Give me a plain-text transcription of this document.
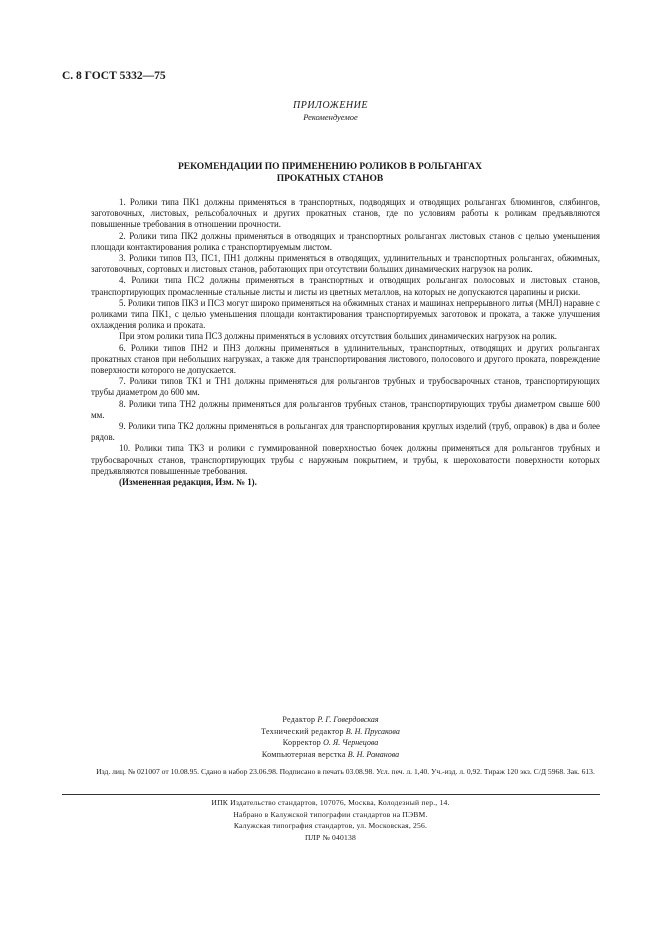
С. 8 ГОСТ 5332—75
ПРИЛОЖЕНИЕ
Рекомендуемое
РЕКОМЕНДАЦИИ ПО ПРИМЕНЕНИЮ РОЛИКОВ В РОЛЬГАНГАХ
ПРОКАТНЫХ СТАНОВ

1. Ролики типа ПК1 должны применяться в транспортных, подводящих и отводящих рольгангах блюмингов, слябингов, заготовочных, листовых, рельсобалочных и других прокатных станов, где по условиям работы к роликам предъявляются повышенные требования в отношении прочности.

2. Ролики типа ПК2 должны применяться в отводящих и транспортных рольгангах листовых станов с целью уменьшения площади контактирования ролика с транспортируемым листом.

3. Ролики типов П3, ПС1, ПН1 должны применяться в отводящих, удлинительных и транспортных рольгангах, обжимных, заготовочных, сортовых и листовых станов, работающих при отсутствии больших динамических нагрузок на ролик.

4. Ролики типа ПС2 должны применяться в транспортных и отводящих рольгангах полосовых и листовых станов, транспортирующих промасленные стальные листы и листы из цветных металлов, на которых не допускаются царапины и риски.

5. Ролики типов ПК3 и ПС3 могут широко применяться на обжимных станах и машинах непрерывного литья (МНЛ) наравне с роликами типа ПК1, с целью уменьшения площади контактирования транспортируемых заготовок и проката, а также улучшения охлаждения ролика и проката.

При этом ролики типа ПС3 должны применяться в условиях отсутствия больших динамических нагрузок на ролик.

6. Ролики типов ПН2 и ПН3 должны применяться в удлинительных, транспортных, отводящих и других рольгангах прокатных станов при небольших нагрузках, а также для транспортирования листового, полосового и другого проката, повреждение поверхности которого не допускается.

7. Ролики типов ТК1 и ТН1 должны применяться для рольгангов трубных и трубосварочных станов, транспортирующих трубы диаметром до 600 мм.

8. Ролики типа ТН2 должны применяться для рольгангов трубных станов, транспортирующих трубы диаметром свыше 600 мм.

9. Ролики типа ТК2 должны применяться в рольгангах для транспортирования круглых изделий (труб, оправок) в два и более рядов.

10. Ролики типа ТК3 и ролики с гуммированной поверхностью бочек должны применяться для рольгангов трубных и трубосварочных станов, транспортирующих трубы с наружным покрытием, и трубы, к шероховатости поверхности которых предъявляются повышенные требования.

(Измененная редакция, Изм. № 1).

Редактор Р. Г. Говердовская
Технический редактор В. Н. Прусакова
Корректор О. Я. Чернецова
Компьютерная верстка В. Н. Романова
Изд. лиц. № 021007 от 10.08.95. Сдано в набор 23.06.98. Подписано в печать 03.08.98. Усл. печ. л. 1,40. Уч.-изд. л. 0,92. Тираж 120 экз. С/Д 5968. Зак. 613.
ИПК Издательство стандартов, 107076, Москва, Колодезный пер., 14.
Набрано в Калужской типографии стандартов на ПЭВМ.
Калужская типография стандартов, ул. Московская, 256.
ПЛР № 040138
